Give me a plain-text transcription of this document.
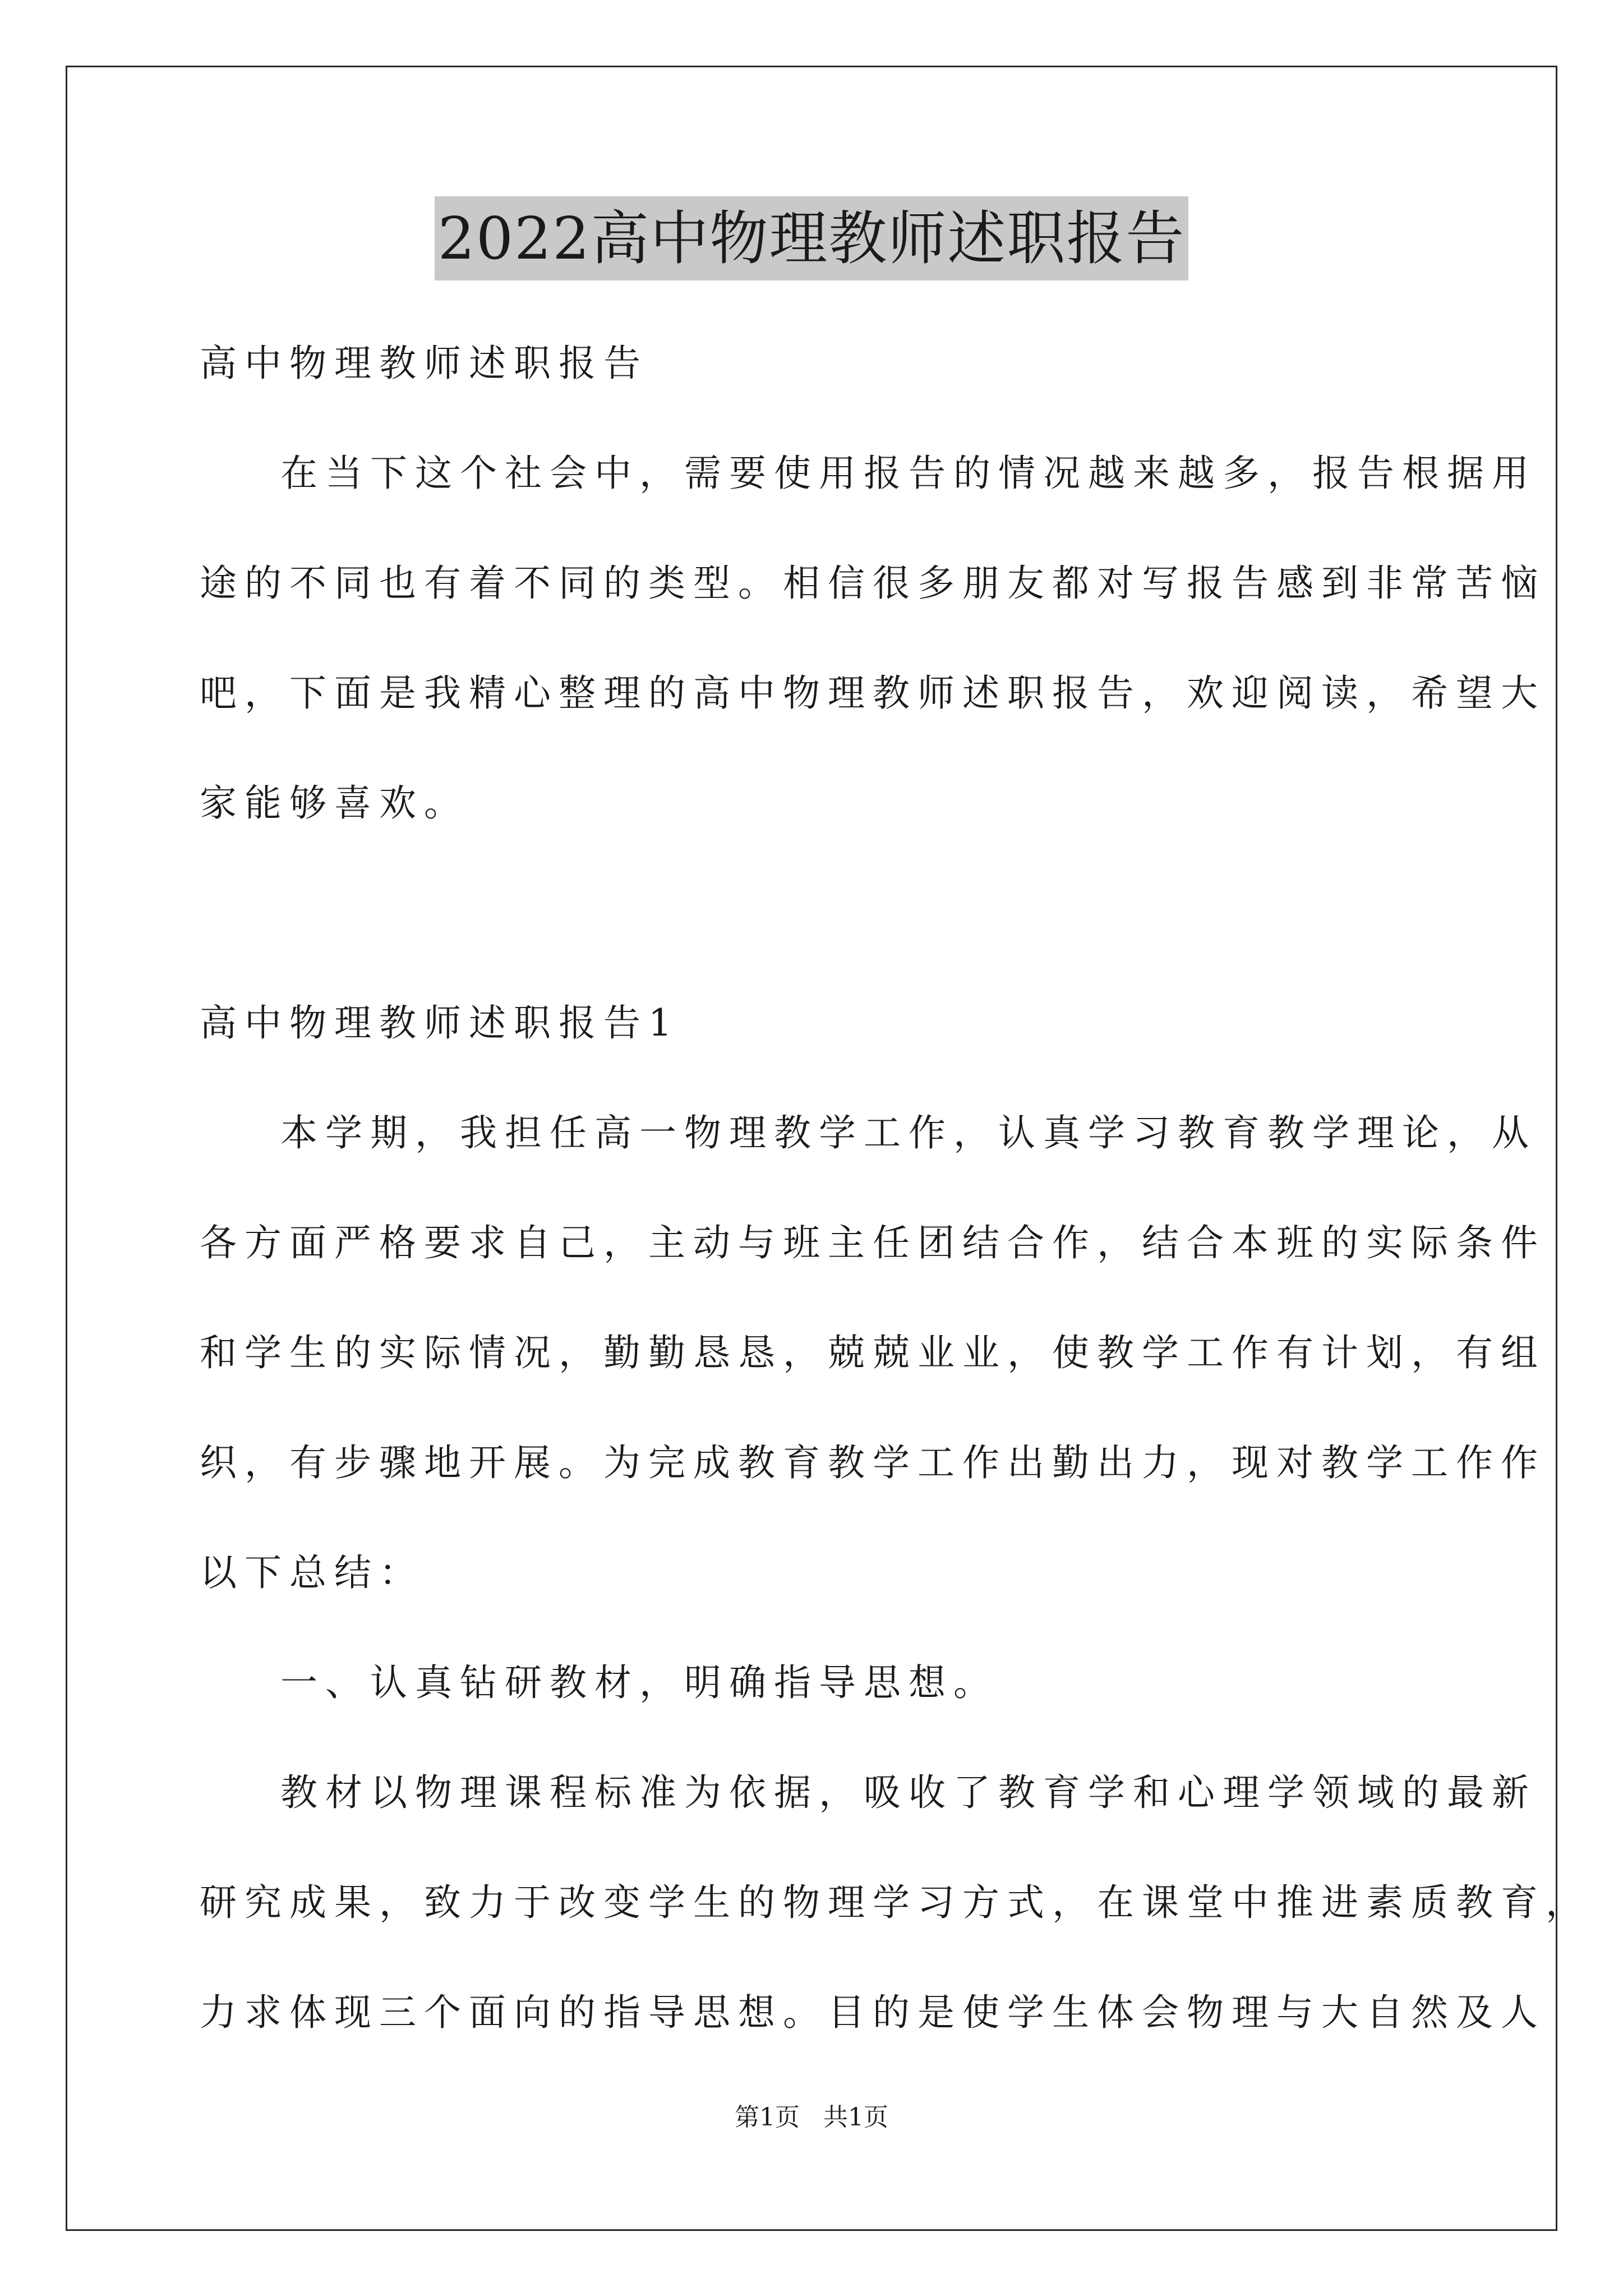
2022高中物理教师述职报告
高中物理教师述职报告
在当下这个社会中，需要使用报告的情况越来越多，报告根据用
途的不同也有着不同的类型。相信很多朋友都对写报告感到非常苦恼
吧，下面是我精心整理的高中物理教师述职报告，欢迎阅读，希望大
家能够喜欢。
高中物理教师述职报告1
本学期，我担任高一物理教学工作，认真学习教育教学理论，从
各方面严格要求自己，主动与班主任团结合作，结合本班的实际条件
和学生的实际情况，勤勤恳恳，兢兢业业，使教学工作有计划，有组
织，有步骤地开展。为完成教育教学工作出勤出力，现对教学工作作
以下总结：
一、认真钻研教材，明确指导思想。
教材以物理课程标准为依据，吸收了教育学和心理学领域的最新
研究成果，致力于改变学生的物理学习方式，在课堂中推进素质教育，
力求体现三个面向的指导思想。目的是使学生体会物理与大自然及人
第1页 共1页
